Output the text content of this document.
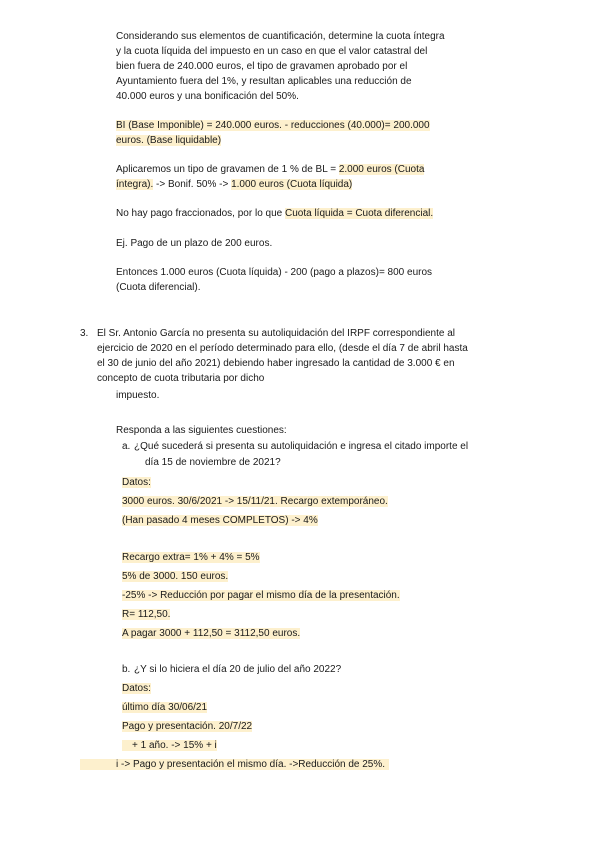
Considerando sus elementos de cuantificación, determine la cuota íntegra
y la cuota líquida del impuesto en un caso en que el valor catastral del
bien fuera de 240.000 euros, el tipo de gravamen aprobado por el
Ayuntamiento fuera del 1%, y resultan aplicables una reducción de
40.000 euros y una bonificación del 50%.
BI (Base Imponible) = 240.000 euros. - reducciones (40.000)= 200.000
euros. (Base liquidable)
Aplicaremos un tipo de gravamen de 1 % de BL = 2.000 euros (Cuota
íntegra). -> Bonif. 50% -> 1.000 euros (Cuota líquida)
No hay pago fraccionados, por lo que Cuota líquida = Cuota diferencial.
Ej. Pago de un plazo de 200 euros.
Entonces 1.000 euros (Cuota líquida) - 200 (pago a plazos)= 800 euros
(Cuota diferencial).
3. El Sr. Antonio García no presenta su autoliquidación del IRPF correspondiente al
ejercicio de 2020 en el período determinado para ello, (desde el día 7 de abril hasta
el 30 de junio del año 2021) debiendo haber ingresado la cantidad de 3.000 € en
concepto de cuota tributaria por dicho
impuesto.
Responda a las siguientes cuestiones:
a. ¿Qué sucederá si presenta su autoliquidación e ingresa el citado importe el
día 15 de noviembre de 2021?
Datos:
3000 euros. 30/6/2021 -> 15/11/21. Recargo extemporáneo.
(Han pasado 4 meses COMPLETOS) -> 4%
Recargo extra= 1% + 4% = 5%
5% de 3000. 150 euros.
-25% -> Reducción por pagar el mismo día de la presentación.
R= 112,50.
A pagar 3000 + 112,50 = 3112,50 euros.
b. ¿Y si lo hiciera el día 20 de julio del año 2022?
Datos:
último día 30/06/21
Pago y presentación. 20/7/22
+ 1 año. -> 15% + i
i -> Pago y presentación el mismo día. ->Reducción de 25%.
